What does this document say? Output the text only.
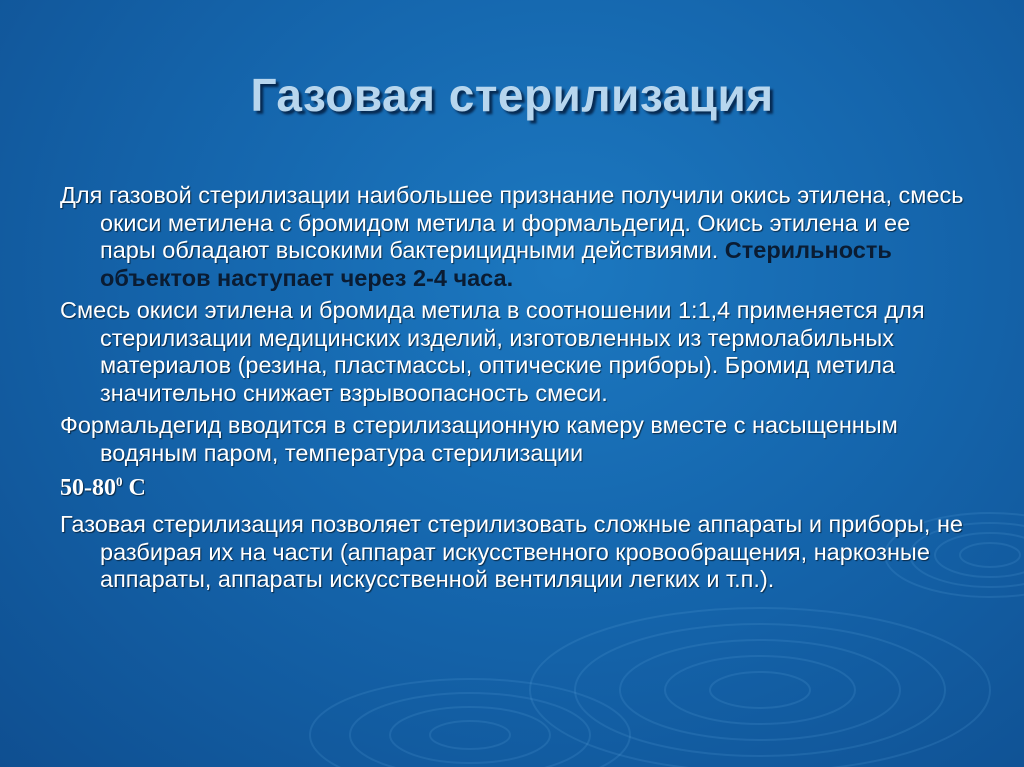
Газовая стерилизация

Для газовой стерилизации наибольшее признание получили окись этилена, смесь окиси метилена с бромидом метила и формальдегид. Окись этилена и ее пары обладают высокими бактерицидными действиями. Стерильность объектов наступает через 2-4 часа.

Смесь окиси этилена и бромида метила в соотношении 1:1,4 применяется для стерилизации медицинских изделий, изготовленных из термолабильных материалов (резина, пластмассы, оптические приборы). Бромид метила значительно снижает взрывоопасность смеси.

Формальдегид вводится в стерилизационную камеру вместе с насыщенным водяным паром, температура стерилизации

$50-80^0$ С

Газовая стерилизация позволяет стерилизовать сложные аппараты и приборы, не разбирая их на части (аппарат искусственного кровообращения, наркозные аппараты, аппараты искусственной вентиляции легких и т.п.).
